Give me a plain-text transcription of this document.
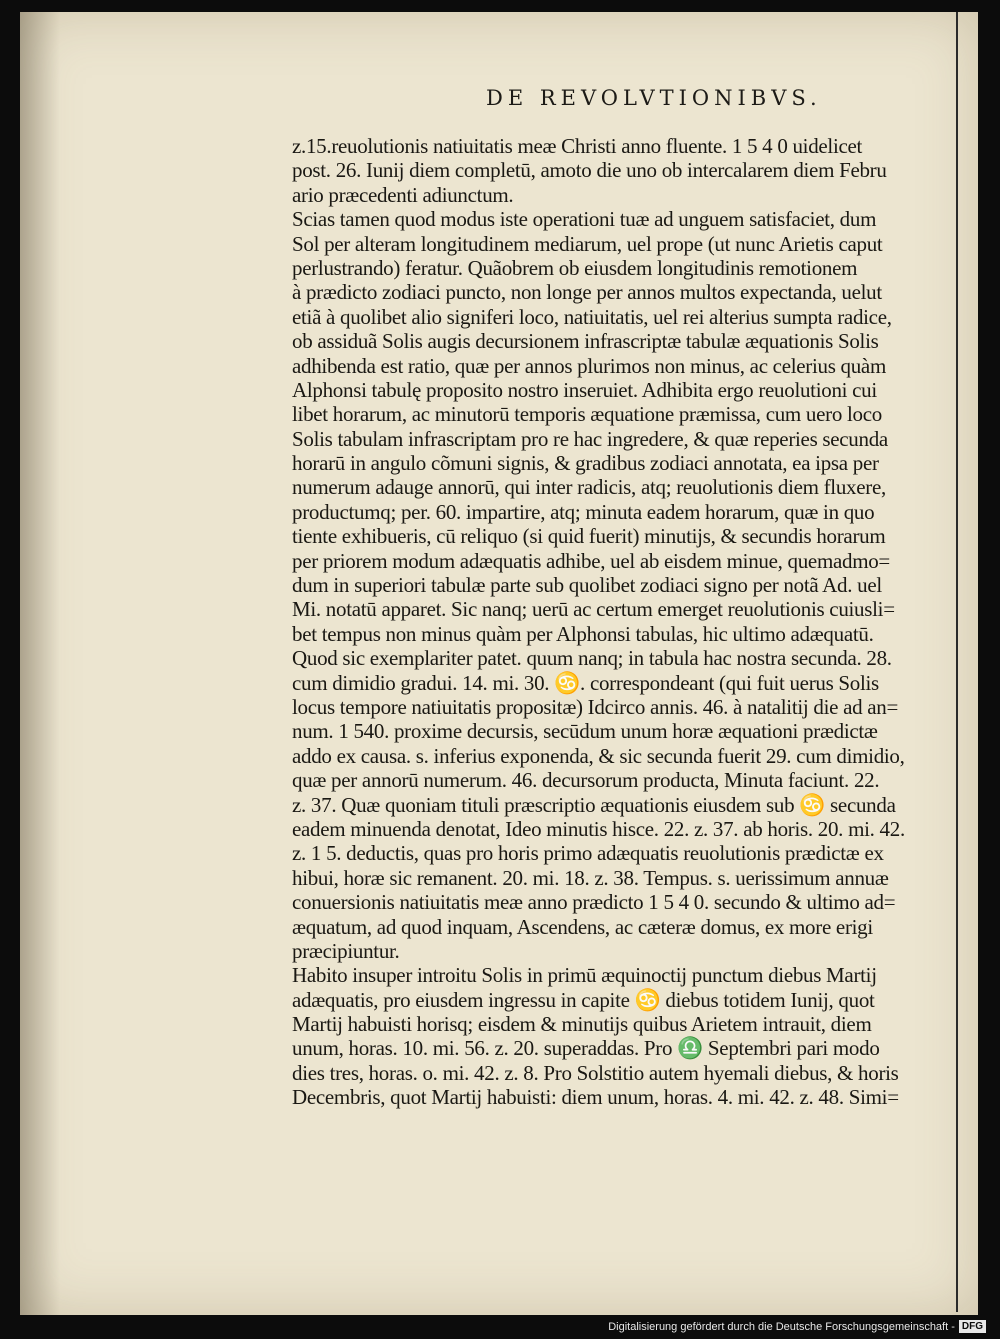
DE REVOLVTIONIBVS.
z.15.reuolutionis natiuitatis meæ Christi anno fluente. 1 5 4 0 uidelicet
post. 26. Iunij diem completū, amoto die uno ob intercalarem diem Febru
ario præcedenti adiunctum.
Scias tamen quod modus iste operationi tuæ ad unguem satisfaciet, dum
Sol per alteram longitudinem mediarum, uel prope (ut nunc Arietis caput
perlustrando) feratur. Quãobrem ob eiusdem longitudinis remotionem
à prædicto zodiaci puncto, non longe per annos multos expectanda, uelut
etiã à quolibet alio signiferi loco, natiuitatis, uel rei alterius sumpta radice,
ob assiduã Solis augis decursionem infrascriptæ tabulæ æquationis Solis
adhibenda est ratio, quæ per annos plurimos non minus, ac celerius quàm
Alphonsi tabulę proposito nostro inseruiet. Adhibita ergo reuolutioni cui
libet horarum, ac minutorū temporis æquatione præmissa, cum uero loco
Solis tabulam infrascriptam pro re hac ingredere, & quæ reperies secunda
horarū in angulo cõmuni signis, & gradibus zodiaci annotata, ea ipsa per
numerum adauge annorū, qui inter radicis, atq; reuolutionis diem fluxere,
productumq; per. 60. impartire, atq; minuta eadem horarum, quæ in quo
tiente exhibueris, cū reliquo (si quid fuerit) minutijs, & secundis horarum
per priorem modum adæquatis adhibe, uel ab eisdem minue, quemadmo=
dum in superiori tabulæ parte sub quolibet zodiaci signo per notã Ad. uel
Mi. notatū apparet. Sic nanq; uerū ac certum emerget reuolutionis cuiusli=
bet tempus non minus quàm per Alphonsi tabulas, hic ultimo adæquatū.
Quod sic exemplariter patet. quum nanq; in tabula hac nostra secunda. 28.
cum dimidio gradui. 14. mi. 30. ♋. correspondeant (qui fuit uerus Solis
locus tempore natiuitatis propositæ) Idcirco annis. 46. à natalitij die ad an=
num. 1 540. proxime decursis, secūdum unum horæ æquationi prædictæ
addo ex causa. s. inferius exponenda, & sic secunda fuerit 29. cum dimidio,
quæ per annorū numerum. 46. decursorum producta, Minuta faciunt. 22.
z. 37. Quæ quoniam tituli præscriptio æquationis eiusdem sub ♋ secunda
eadem minuenda denotat, Ideo minutis hisce. 22. z. 37. ab horis. 20. mi. 42.
z. 1 5. deductis, quas pro horis primo adæquatis reuolutionis prædictæ ex
hibui, horæ sic remanent. 20. mi. 18. z. 38. Tempus. s. uerissimum annuæ
conuersionis natiuitatis meæ anno prædicto 1 5 4 0. secundo & ultimo ad=
æquatum, ad quod inquam, Ascendens, ac cæteræ domus, ex more erigi
præcipiuntur.
Habito insuper introitu Solis in primū æquinoctij punctum diebus Martij
adæquatis, pro eiusdem ingressu in capite ♋ diebus totidem Iunij, quot
Martij habuisti horisq; eisdem & minutijs quibus Arietem intrauit, diem
unum, horas. 10. mi. 56. z. 20. superaddas. Pro ♎ Septembri pari modo
dies tres, horas. o. mi. 42. z. 8. Pro Solstitio autem hyemali diebus, & horis
Decembris, quot Martij habuisti: diem unum, horas. 4. mi. 42. z. 48. Simi=
Digitalisierung gefördert durch die Deutsche Forschungsgemeinschaft - DFG
